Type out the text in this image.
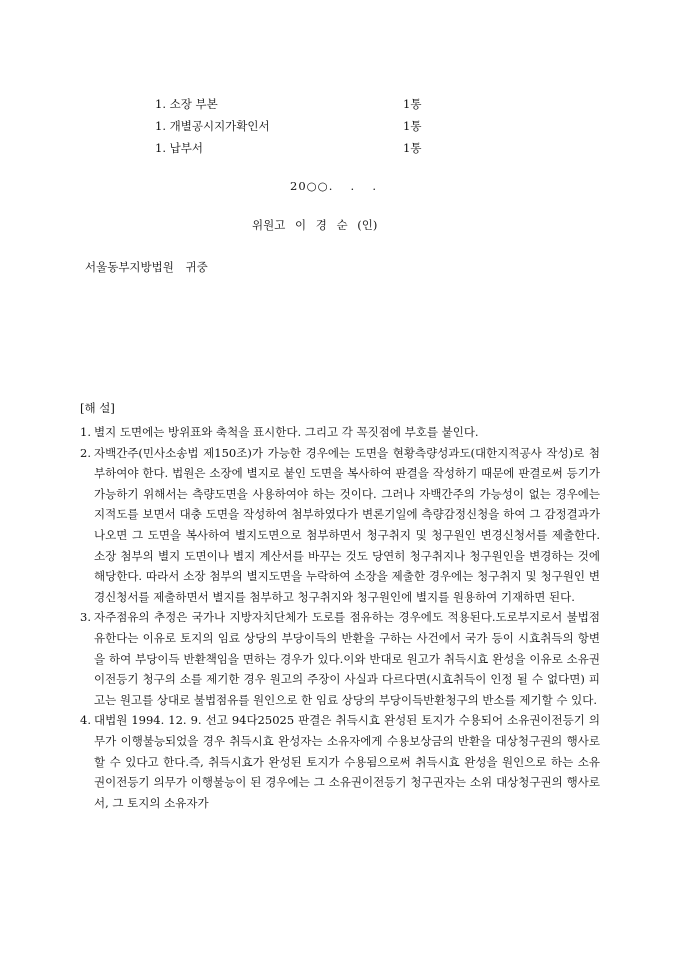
1. 소장 부본	1통
1. 개별공시지가확인서	1통
1. 납부서	1통
20○○.　 .　 .
위원고 이 경 순 (인)
서울동부지방법원 귀중
[해 설]
1. 별지 도면에는 방위표와 축척을 표시한다. 그리고 각 꼭짓점에 부호를 붙인다.
2. 자백간주(민사소송법 제150조)가 가능한 경우에는 도면을 현황측량성과도(대한지적공사 작성)로 첨부하여야 한다. 법원은 소장에 별지로 붙인 도면을 복사하여 판결을 작성하기 때문에 판결로써 등기가 가능하기 위해서는 측량도면을 사용하여야 하는 것이다. 그러나 자백간주의 가능성이 없는 경우에는 지적도를 보면서 대충 도면을 작성하여 첨부하였다가 변론기일에 측량감정신청을 하여 그 감정결과가 나오면 그 도면을 복사하여 별지도면으로 첨부하면서 청구취지 및 청구원인 변경신청서를 제출한다.소장 첨부의 별지 도면이나 별지 계산서를 바꾸는 것도 당연히 청구취지나 청구원인을 변경하는 것에 해당한다. 따라서 소장 첨부의 별지도면을 누락하여 소장을 제출한 경우에는 청구취지 및 청구원인 변경신청서를 제출하면서 별지를 첨부하고 청구취지와 청구원인에 별지를 원용하여 기재하면 된다.
3. 자주점유의 추정은 국가나 지방자치단체가 도로를 점유하는 경우에도 적용된다.도로부지로서 불법점유한다는 이유로 토지의 임료 상당의 부당이득의 반환을 구하는 사건에서 국가 등이 시효취득의 항변을 하여 부당이득 반환책임을 면하는 경우가 있다.이와 반대로 원고가 취득시효 완성을 이유로 소유권이전등기 청구의 소를 제기한 경우 원고의 주장이 사실과 다르다면(시효취득이 인정 될 수 없다면) 피고는 원고를 상대로 불법점유를 원인으로 한 임료 상당의 부당이득반환청구의 반소를 제기할 수 있다.
4. 대법원 1994. 12. 9. 선고 94다25025 판결은 취득시효 완성된 토지가 수용되어 소유권이전등기 의무가 이행불능되었을 경우 취득시효 완성자는 소유자에게 수용보상금의 반환을 대상청구권의 행사로 할 수 있다고 한다.즉, 취득시효가 완성된 토지가 수용됨으로써 취득시효 완성을 원인으로 하는 소유권이전등기 의무가 이행불능이 된 경우에는 그 소유권이전등기 청구권자는 소위 대상청구권의 행사로서, 그 토지의 소유자가
